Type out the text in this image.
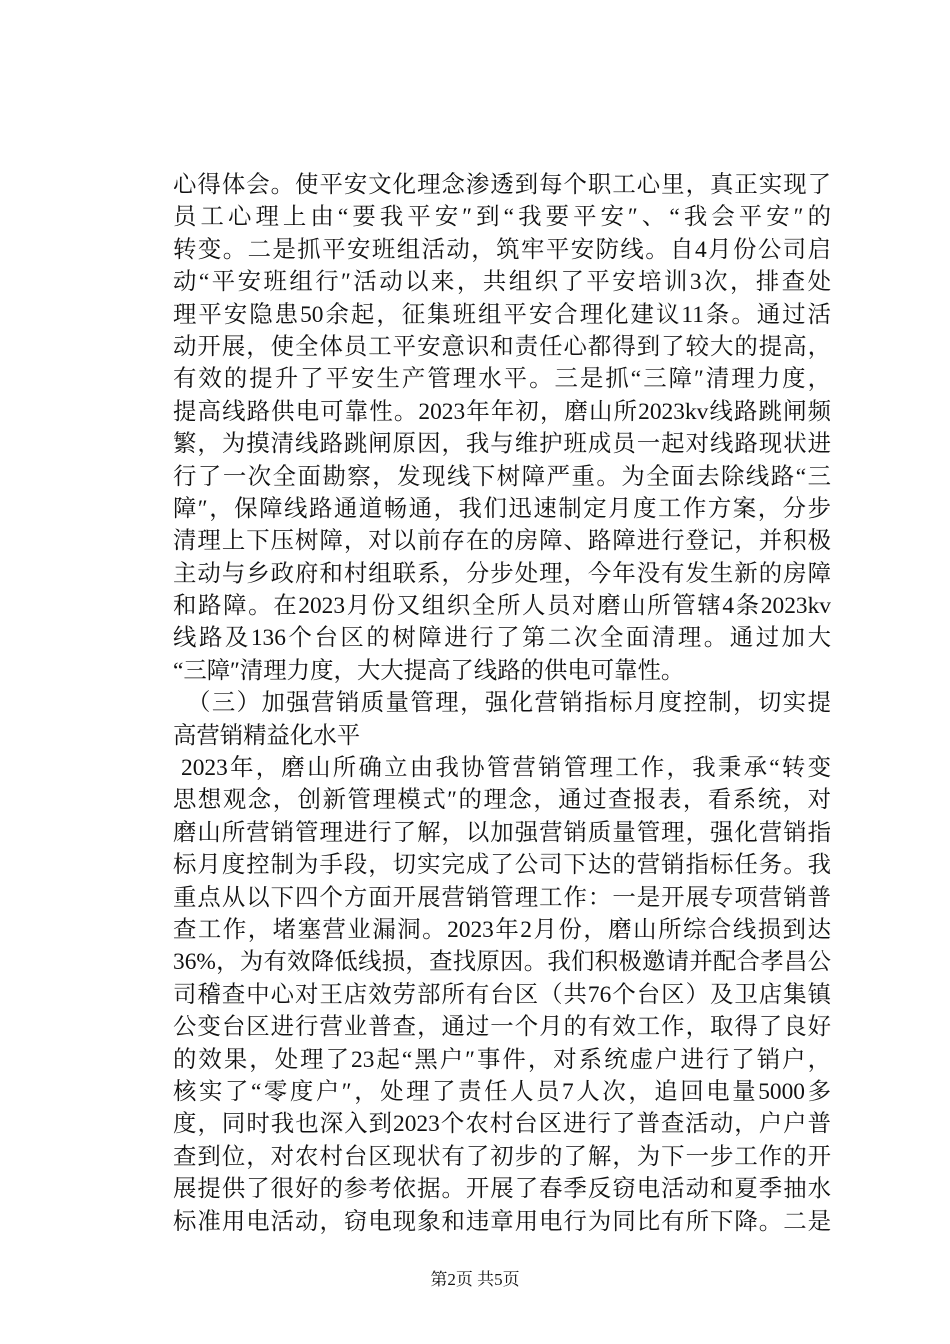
心得体会。使平安文化理念渗透到每个职工心里，真正实现了
员工心理上由“要我平安″到“我要平安″、“我会平安″的
转变。二是抓平安班组活动，筑牢平安防线。自4月份公司启
动“平安班组行″活动以来，共组织了平安培训3次，排查处
理平安隐患50余起，征集班组平安合理化建议11条。通过活
动开展，使全体员工平安意识和责任心都得到了较大的提高，
有效的提升了平安生产管理水平。三是抓“三障″清理力度，
提高线路供电可靠性。2023年年初，磨山所2023kv线路跳闸频
繁，为摸清线路跳闸原因，我与维护班成员一起对线路现状进
行了一次全面勘察，发现线下树障严重。为全面去除线路“三
障″，保障线路通道畅通，我们迅速制定月度工作方案，分步
清理上下压树障，对以前存在的房障、路障进行登记，并积极
主动与乡政府和村组联系，分步处理，今年没有发生新的房障
和路障。在2023月份又组织全所人员对磨山所管辖4条2023kv
线路及136个台区的树障进行了第二次全面清理。通过加大
“三障″清理力度，大大提高了线路的供电可靠性。
（三）加强营销质量管理，强化营销指标月度控制，切实提
高营销精益化水平
2023年，磨山所确立由我协管营销管理工作，我秉承“转变
思想观念，创新管理模式″的理念，通过查报表，看系统，对
磨山所营销管理进行了解，以加强营销质量管理，强化营销指
标月度控制为手段，切实完成了公司下达的营销指标任务。我
重点从以下四个方面开展营销管理工作：一是开展专项营销普
查工作，堵塞营业漏洞。2023年2月份，磨山所综合线损到达
36%，为有效降低线损，查找原因。我们积极邀请并配合孝昌公
司稽查中心对王店效劳部所有台区（共76个台区）及卫店集镇
公变台区进行营业普查，通过一个月的有效工作，取得了良好
的效果，处理了23起“黑户″事件，对系统虚户进行了销户，
核实了“零度户″，处理了责任人员7人次，追回电量5000多
度，同时我也深入到2023个农村台区进行了普查活动，户户普
查到位，对农村台区现状有了初步的了解，为下一步工作的开
展提供了很好的参考依据。开展了春季反窃电活动和夏季抽水
标准用电活动，窃电现象和违章用电行为同比有所下降。二是
第2页 共5页
